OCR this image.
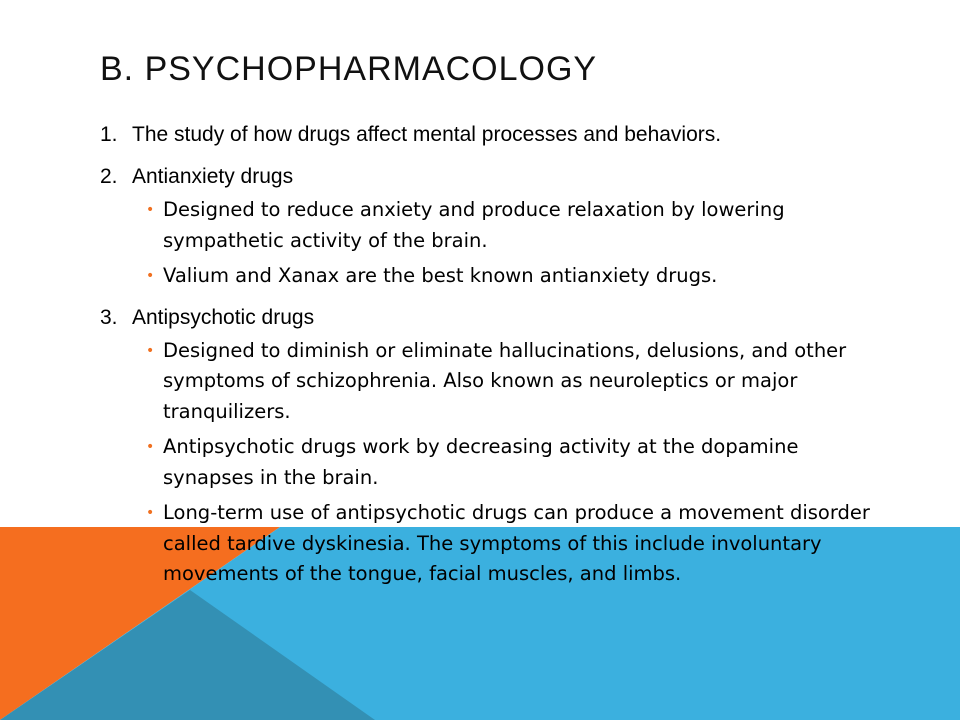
B. PSYCHOPHARMACOLOGY
1. The study of how drugs affect mental processes and behaviors.
2. Antianxiety drugs
• Designed to reduce anxiety and produce relaxation by lowering sympathetic activity of the brain.
• Valium and Xanax are the best known antianxiety drugs.
3. Antipsychotic drugs
• Designed to diminish or eliminate hallucinations, delusions, and other symptoms of schizophrenia. Also known as neuroleptics or major tranquilizers.
• Antipsychotic drugs work by decreasing activity at the dopamine synapses in the brain.
• Long-term use of antipsychotic drugs can produce a movement disorder called tardive dyskinesia. The symptoms of this include involuntary movements of the tongue, facial muscles, and limbs.
